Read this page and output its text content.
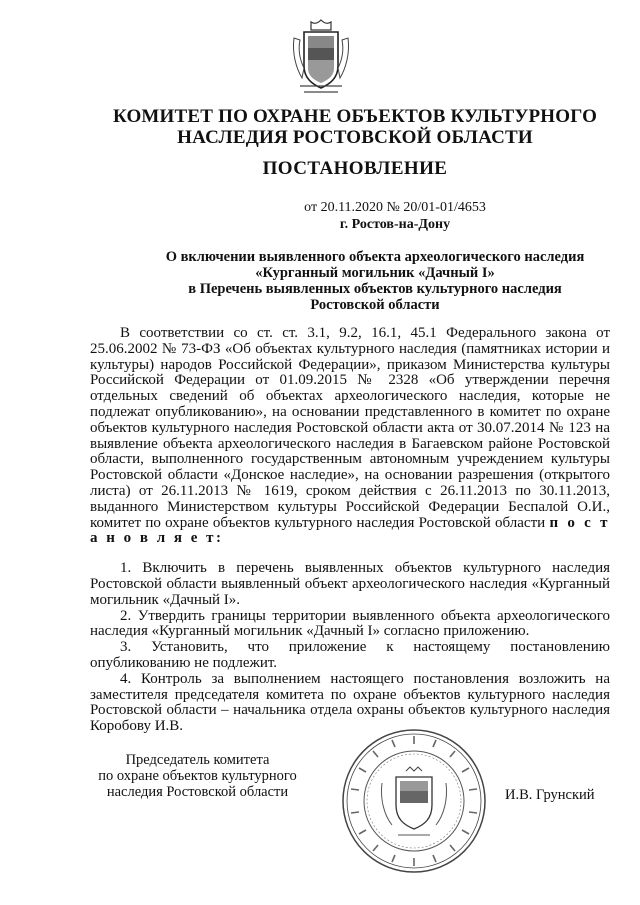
КОМИТЕТ ПО ОХРАНЕ ОБЪЕКТОВ КУЛЬТУРНОГО
НАСЛЕДИЯ РОСТОВСКОЙ ОБЛАСТИ
ПОСТАНОВЛЕНИЕ
от 20.11.2020 № 20/01-01/4653
г. Ростов-на-Дону
О включении выявленного объекта археологического наследия
«Курганный могильник «Дачный I»
в Перечень выявленных объектов культурного наследия
Ростовской области

В соответствии со ст. ст. 3.1, 9.2, 16.1, 45.1 Федерального закона от 25.06.2002 № 73-ФЗ «Об объектах культурного наследия (памятниках истории и культуры) народов Российской Федерации», приказом Министерства культуры Российской Федерации от 01.09.2015 № 2328 «Об утверждении перечня отдельных сведений об объектах археологического наследия, которые не подлежат опубликованию», на основании представленного в комитет по охране объектов культурного наследия Ростовской области акта от 30.07.2014 № 123 на выявление объекта археологического наследия в Багаевском районе Ростовской области, выполненного государственным автономным учреждением культуры Ростовской области «Донское наследие», на основании разрешения (открытого листа) от 26.11.2013 № 1619, сроком действия с 26.11.2013 по 30.11.2013, выданного Министерством культуры Российской Федерации Беспалой О.И., комитет по охране объектов культурного наследия Ростовской области п о с т а н о в л я е т:

1. Включить в перечень выявленных объектов культурного наследия Ростовской области выявленный объект археологического наследия «Курганный могильник «Дачный I».

2. Утвердить границы территории выявленного объекта археологического наследия «Курганный могильник «Дачный I» согласно приложению.

3. Установить, что приложение к настоящему постановлению опубликованию не подлежит.

4. Контроль за выполнением настоящего постановления возложить на заместителя председателя комитета по охране объектов культурного наследия Ростовской области – начальника отдела охраны объектов культурного наследия Коробову И.В.

Председатель комитета
по охране объектов культурного
наследия Ростовской области	И.В. Грунский
